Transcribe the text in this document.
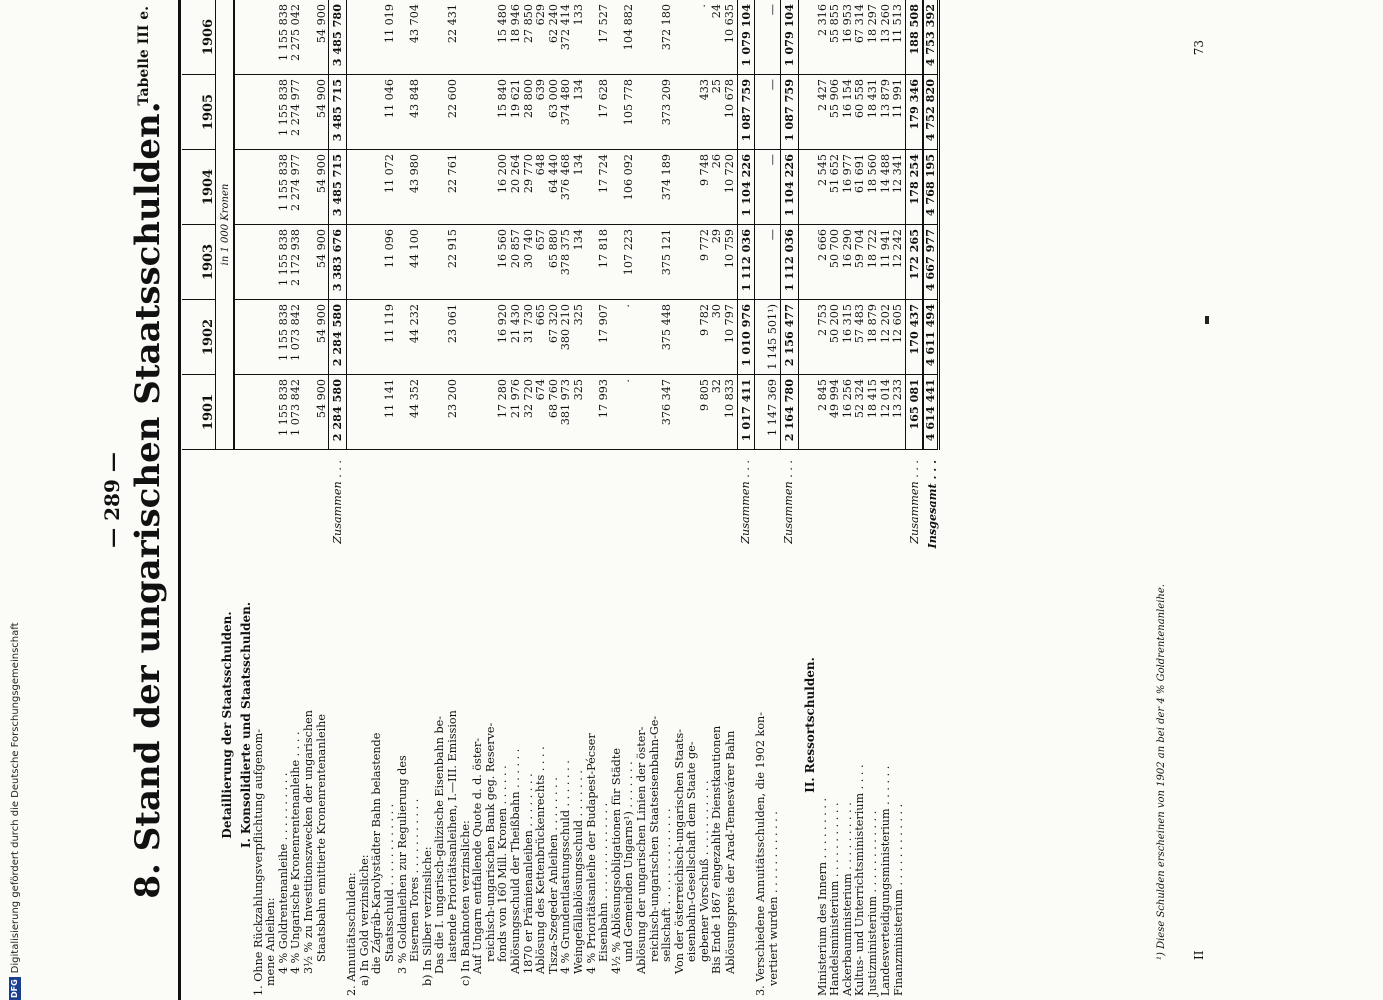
— 289 —
Tabelle III e.
8. Stand der ungarischen Staatsschulden.	Detaillierung der Staatsschulden.	1901	1902	1903	1904	1905	1906
	in 1 000 Kronen					
I. Konsolidierte und Staatsschulden.						
1. Ohne Rückzahlungsverpflichtung aufgenom-						
mene Anleihen:						
4 % Goldrentenanleihe . . . . . . . . . .	1 155 838	1 155 838	1 155 838	1 155 838	1 155 838	1 155 838
4 % Ungarische Kronenrentenanleihe . . . .	1 073 842	1 073 842	2 172 938	2 274 977	2 274 977	2 275 042
3½ % zu Investitionszwecken der ungarischen						
Staatsbahn emittierte Kronenrentenanleihe	54 900	54 900	54 900	54 900	54 900	54 900
Zusammen . . .	2 284 580	2 284 580	3 383 676	3 485 715	3 485 715	3 485 780
2. Annuitätsschulden:						
a) In Gold verzinsliche:						
die Zágráb-Karolystädter Bahn belastende						
Staatsschuld . . . . . . . . . . . .	11 141	11 119	11 096	11 072	11 046	11 019
3 % Goldanleihen zur Regulierung des						
Eisernen Tores . . . . . . . . . . .	44 352	44 232	44 100	43 980	43 848	43 704
b) In Silber verzinsliche:						
Das die I. ungarisch-galizische Eisenbahn be-						
lastende Prioritätsanleihen, I.—III. Emission	23 200	23 061	22 915	22 761	22 600	22 431
c) In Banknoten verzinsliche:						
Auf Ungarn entfallende Quote d. d. öster-						
reichisch-ungarischen Bank geg. Reserve-						
fonds von 160 Mill. Kronen . . . . . .	17 280	16 920	16 560	16 200	15 840	15 480
Ablösungsschuld der Theißbahn . . . . . .	21 976	21 430	20 857	20 264	19 621	18 946
1870 er Prämienanleihen . . . . . . . .	32 720	31 730	30 740	29 770	28 800	27 850
Ablösung des Kettenbrückenrechts . . . .	674	665	657	648	639	629
Tisza-Szegeder Anleihen . . . . . . . .	68 760	67 320	65 880	64 440	63 000	62 240
4 % Grundentlastungsschuld . . . . . . .	381 973	380 210	378 375	376 468	374 480	372 414
Weingefällablösungsschuld . . . . . . .	325	325	134	134	134	133
4 % Prioritätsanleihe der Budapest-Pécser						
Eisenbahn . . . . . . . . . . . . . .	17 993	17 907	17 818	17 724	17 628	17 527
4½ % Ablösungsobligationen für Städte						
und Gemeinden Ungarns¹) . . . . . . .	·	·	107 223	106 092	105 778	104 882
Ablösung der ungarischen Linien der öster-						
reichisch-ungarischen Staatseisenbahn-Ge-						
sellschaft . . . . . . . . . . . . . .	376 347	375 448	375 121	374 189	373 209	372 180
Von der österreichisch-ungarischen Staats-						
eisenbahn-Gesellschaft dem Staate ge-						
gebener Vorschuß . . . . . . . . . . .	9 805	9 782	9 772	9 748	433	·
Bis Ende 1867 eingezahlte Dienstkautionen	32	30	29	26	25	24
Ablösungspreis der Arad-Temesvárer Bahn	10 833	10 797	10 759	10 720	10 678	10 635
Zusammen . . .	1 017 411	1 010 976	1 112 036	1 104 226	1 087 759	1 079 104
3. Verschiedene Annuitätsschulden, die 1902 kon-						
vertiert wurden . . . . . . . . . . . .	1 147 369	1 145 501¹)	—	—	—	—
Zusammen . . .	2 164 780	2 156 477	1 112 036	1 104 226	1 087 759	1 079 104
II. Ressortschulden.						
Ministerium des Innern . . . . . . . . .	2 845	2 753	2 666	2 545	2 427	2 316
Handelsministerium . . . . . . . . . . .	49 994	50 200	50 700	51 652	55 906	55 855
Ackerbauministerium . . . . . . . . . .	16 256	16 315	16 290	16 977	16 154	16 953
Kultus- und Unterrichtsministerium . . . .	52 324	57 483	59 704	61 691	60 558	67 314
Justizministerium . . . . . . . . . . . .	18 415	18 879	18 722	18 560	18 431	18 297
Landesverteidigungsministerium . . . . . .	12 014	12 202	11 941	14 488	13 879	13 260
Finanzministerium . . . . . . . . . . . .	13 233	12 605	12 242	12 341	11 991	11 513
Zusammen . . .	165 081	170 437	172 265	178 254	179 346	188 508
Insgesamt . . .	4 614 441	4 611 494	4 667 977	4 768 195	4 752 820	4 753 392
¹) Diese Schulden erscheinen von 1902 an bei der 4 % Goldrentenanleihe. II
73
DFGDigitalisierung gefördert durch die Deutsche Forschungsgemeinschaft
